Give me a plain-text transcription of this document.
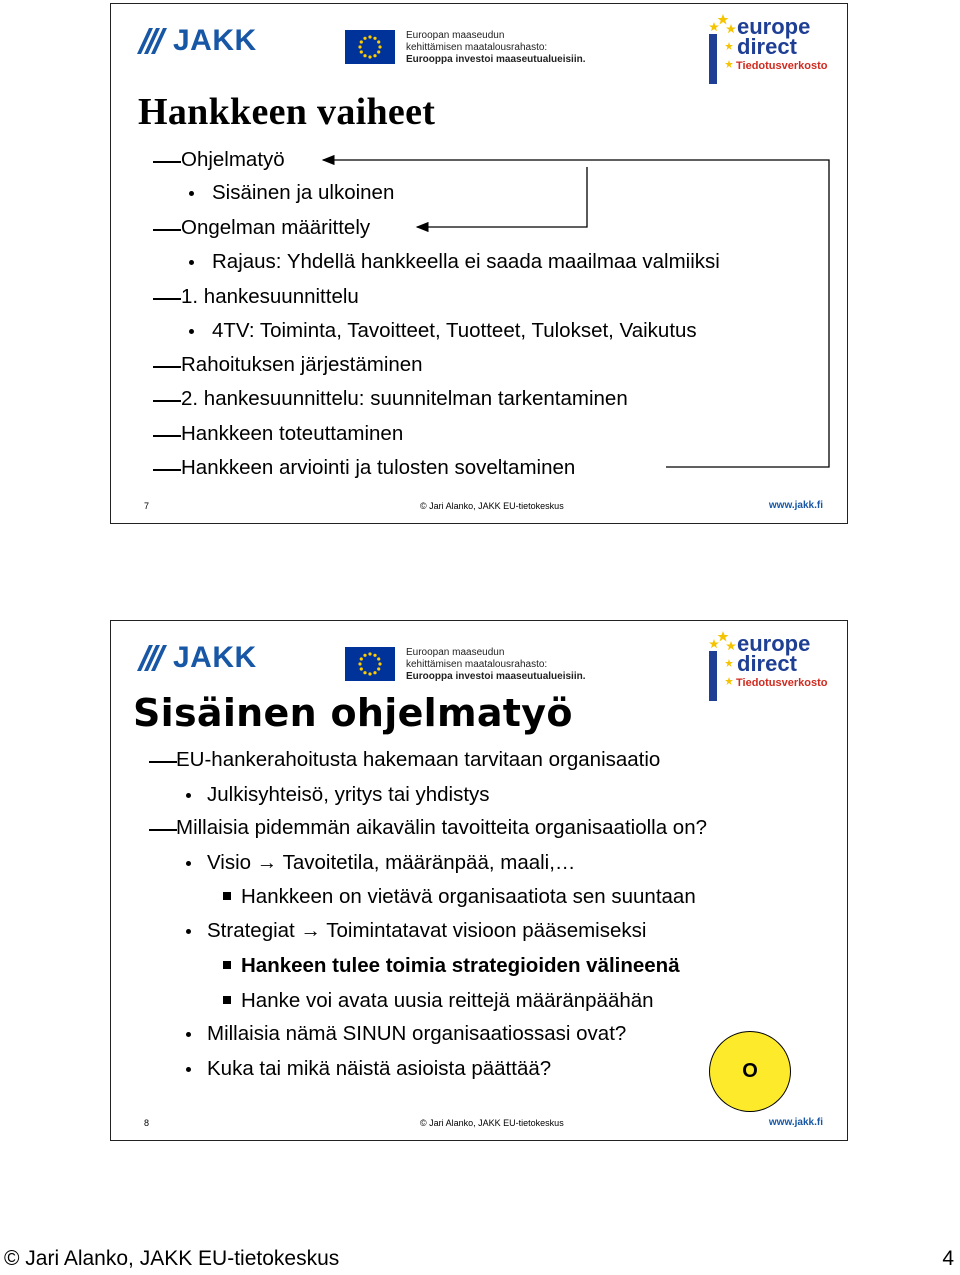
JAKK	Euroopan maaseudun
kehittämisen maatalousrahasto:
Eurooppa investoi maaseutualueisiin.
europe
direct
Tiedotusverkosto
Hankkeen vaiheet
Ohjelmatyö
Sisäinen ja ulkoinen
Ongelman määrittely
Rajaus: Yhdellä hankkeella ei saada maailmaa valmiiksi
1. hankesuunnittelu
4TV: Toiminta, Tavoitteet, Tuotteet, Tulokset, Vaikutus
Rahoituksen järjestäminen
2. hankesuunnittelu: suunnitelman tarkentaminen
Hankkeen toteuttaminen
Hankkeen arviointi ja tulosten soveltaminen
7	© Jari Alanko, JAKK EU-tietokeskus	www.jakk.fi
JAKK	Euroopan maaseudun
kehittämisen maatalousrahasto:
Eurooppa investoi maaseutualueisiin.
europe
direct
Tiedotusverkosto
Sisäinen ohjelmatyö
EU-hankerahoitusta hakemaan tarvitaan organisaatio
Julkisyhteisö, yritys tai yhdistys
Millaisia pidemmän aikavälin tavoitteita organisaatiolla on?
Visio → Tavoitetila, määränpää, maali,…
Hankkeen on vietävä organisaatiota sen suuntaan
Strategiat → Toimintatavat visioon pääsemiseksi
Hankeen tulee toimia strategioiden välineenä
Hanke voi avata uusia reittejä määränpäähän
Millaisia nämä SINUN organisaatiossasi ovat?
Kuka tai mikä näistä asioista päättää?	O
8	© Jari Alanko, JAKK EU-tietokeskus	www.jakk.fi
© Jari Alanko, JAKK EU-tietokeskus	4
